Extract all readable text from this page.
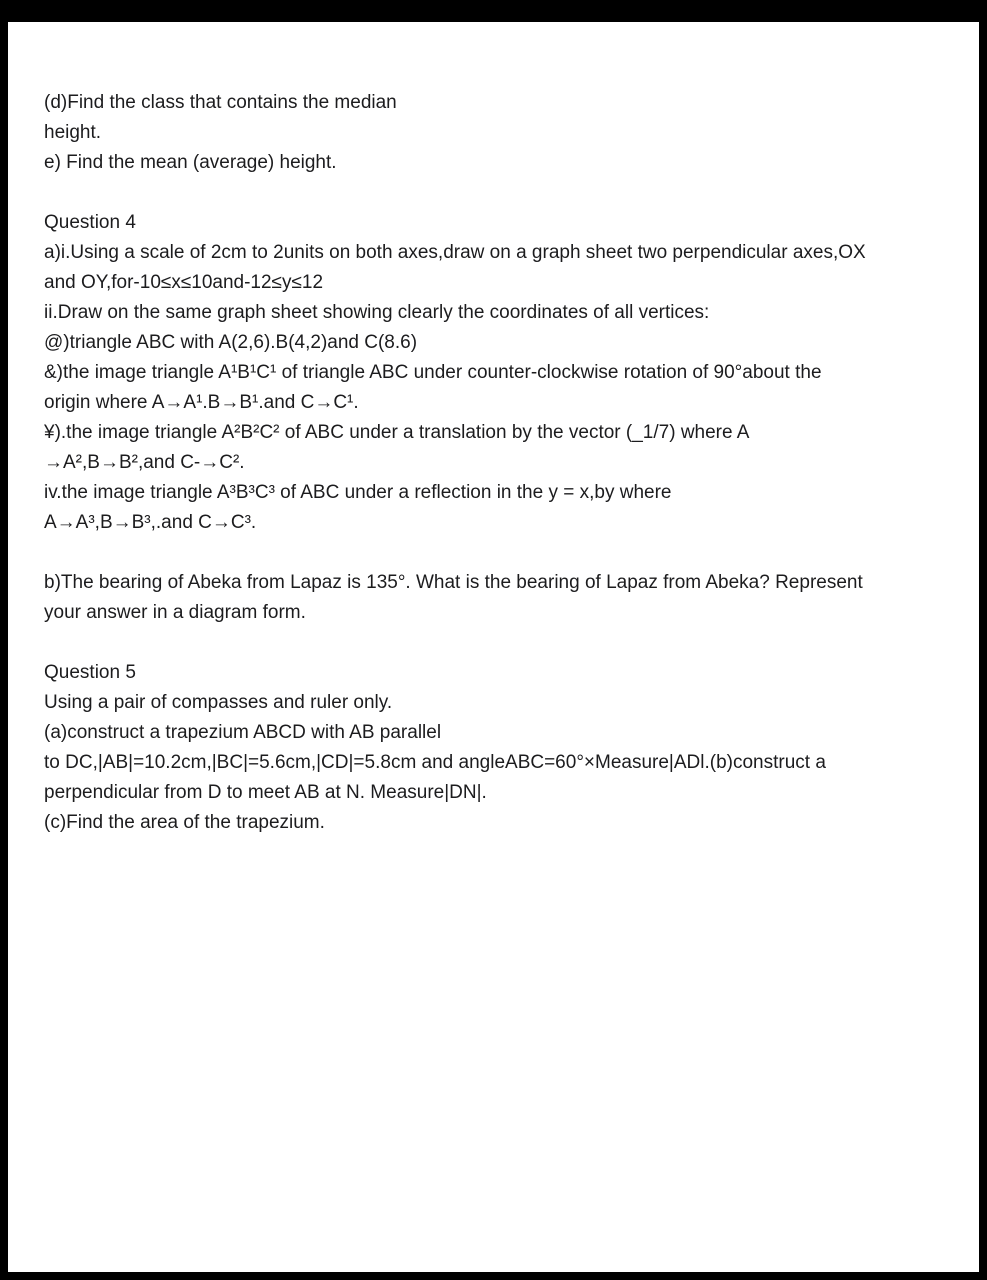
(d)Find the class that contains the median
height.
e) Find the mean (average) height.
Question 4
a)i.Using a scale of 2cm to 2units on both axes,draw on a graph sheet two perpendicular axes,OX
and OY,for-10≤x≤10and-12≤y≤12
ii.Draw on the same graph sheet showing clearly the coordinates of all vertices:
@)triangle ABC with A(2,6).B(4,2)and C(8.6)
&)the image triangle A¹B¹C¹ of triangle ABC under counter-clockwise rotation of 90°about the
origin where A→A¹.B→B¹.and C→C¹.
¥).the image triangle A²B²C² of ABC under a translation by the vector (_1/7) where A
→A²,B→B²,and C-→C².
iv.the image triangle A³B³C³ of ABC under a reflection in the y = x,by where
A→A³,B→B³,.and C→C³.
b)The bearing of Abeka from Lapaz is 135°. What is the bearing of Lapaz from Abeka? Represent
your answer in a diagram form.
Question 5
Using a pair of compasses and ruler only.
(a)construct a trapezium ABCD with AB parallel
to DC,|AB|=10.2cm,|BC|=5.6cm,|CD|=5.8cm and angleABC=60°×Measure|ADl.(b)construct a
perpendicular from D to meet AB at N. Measure|DN|.
(c)Find the area of the trapezium.
